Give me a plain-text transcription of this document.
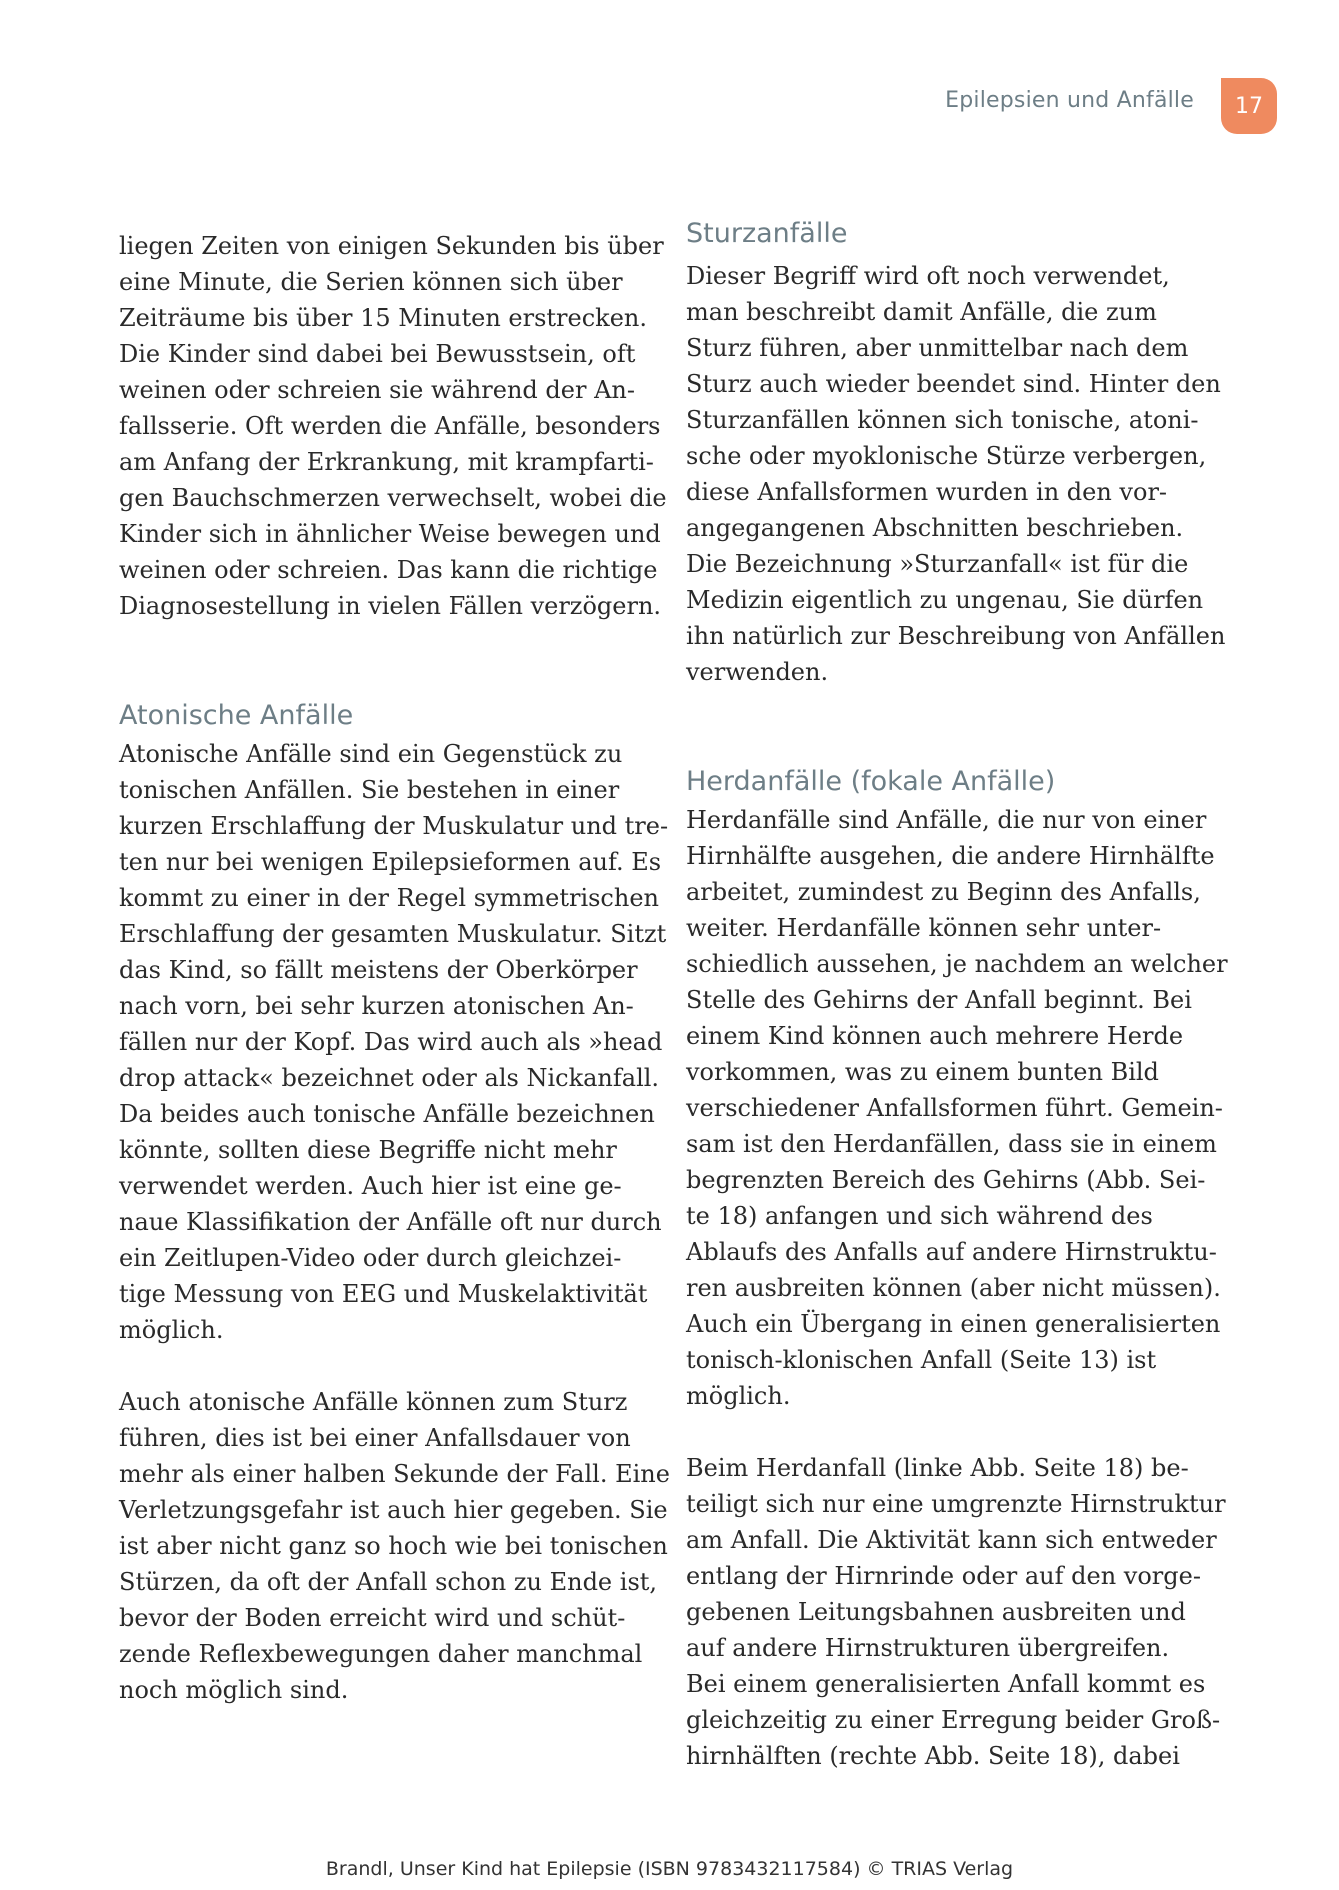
Epilepsien und Anfälle	17
liegen Zeiten von einigen Sekunden bis über
eine Minute, die Serien können sich über
Zeiträume bis über 15 Minuten erstrecken.
Die Kinder sind dabei bei Bewusstsein, oft
weinen oder schreien sie während der An-
fallsserie. Oft werden die Anfälle, besonders
am Anfang der Erkrankung, mit krampfarti-
gen Bauchschmerzen verwechselt, wobei die
Kinder sich in ähnlicher Weise bewegen und
weinen oder schreien. Das kann die richtige
Diagnosestellung in vielen Fällen verzögern.
Atonische Anfälle
Atonische Anfälle sind ein Gegenstück zu
tonischen Anfällen. Sie bestehen in einer
kurzen Erschlaffung der Muskulatur und tre-
ten nur bei wenigen Epilepsieformen auf. Es
kommt zu einer in der Regel symmetrischen
Erschlaffung der gesamten Muskulatur. Sitzt
das Kind, so fällt meistens der Oberkörper
nach vorn, bei sehr kurzen atonischen An-
fällen nur der Kopf. Das wird auch als »head
drop attack« bezeichnet oder als Nickanfall.
Da beides auch tonische Anfälle bezeichnen
könnte, sollten diese Begriffe nicht mehr
verwendet werden. Auch hier ist eine ge-
naue Klassifikation der Anfälle oft nur durch
ein Zeitlupen-Video oder durch gleichzei-
tige Messung von EEG und Muskelaktivität
möglich.
Auch atonische Anfälle können zum Sturz
führen, dies ist bei einer Anfallsdauer von
mehr als einer halben Sekunde der Fall. Eine
Verletzungsgefahr ist auch hier gegeben. Sie
ist aber nicht ganz so hoch wie bei tonischen
Stürzen, da oft der Anfall schon zu Ende ist,
bevor der Boden erreicht wird und schüt-
zende Reflexbewegungen daher manchmal
noch möglich sind.
Sturzanfälle
Dieser Begriff wird oft noch verwendet,
man beschreibt damit Anfälle, die zum
Sturz führen, aber unmittelbar nach dem
Sturz auch wieder beendet sind. Hinter den
Sturzanfällen können sich tonische, atoni-
sche oder myoklonische Stürze verbergen,
diese Anfallsformen wurden in den vor-
angegangenen Abschnitten beschrieben.
Die Bezeichnung »Sturzanfall« ist für die
Medizin eigentlich zu ungenau, Sie dürfen
ihn natürlich zur Beschreibung von Anfällen
verwenden.
Herdanfälle (fokale Anfälle)
Herdanfälle sind Anfälle, die nur von einer
Hirnhälfte ausgehen, die andere Hirnhälfte
arbeitet, zumindest zu Beginn des Anfalls,
weiter. Herdanfälle können sehr unter-
schiedlich aussehen, je nachdem an welcher
Stelle des Gehirns der Anfall beginnt. Bei
einem Kind können auch mehrere Herde
vorkommen, was zu einem bunten Bild
verschiedener Anfallsformen führt. Gemein-
sam ist den Herdanfällen, dass sie in einem
begrenzten Bereich des Gehirns (Abb. Sei-
te 18) anfangen und sich während des
Ablaufs des Anfalls auf andere Hirnstruktu-
ren ausbreiten können (aber nicht müssen).
Auch ein Übergang in einen generalisierten
tonisch-klonischen Anfall (Seite 13) ist
möglich.
Beim Herdanfall (linke Abb. Seite 18) be-
teiligt sich nur eine umgrenzte Hirnstruktur
am Anfall. Die Aktivität kann sich entweder
entlang der Hirnrinde oder auf den vorge-
gebenen Leitungsbahnen ausbreiten und
auf andere Hirnstrukturen übergreifen.
Bei einem generalisierten Anfall kommt es
gleichzeitig zu einer Erregung beider Groß-
hirnhälften (rechte Abb. Seite 18), dabei
Brandl, Unser Kind hat Epilepsie (ISBN 9783432117584) © TRIAS Verlag
